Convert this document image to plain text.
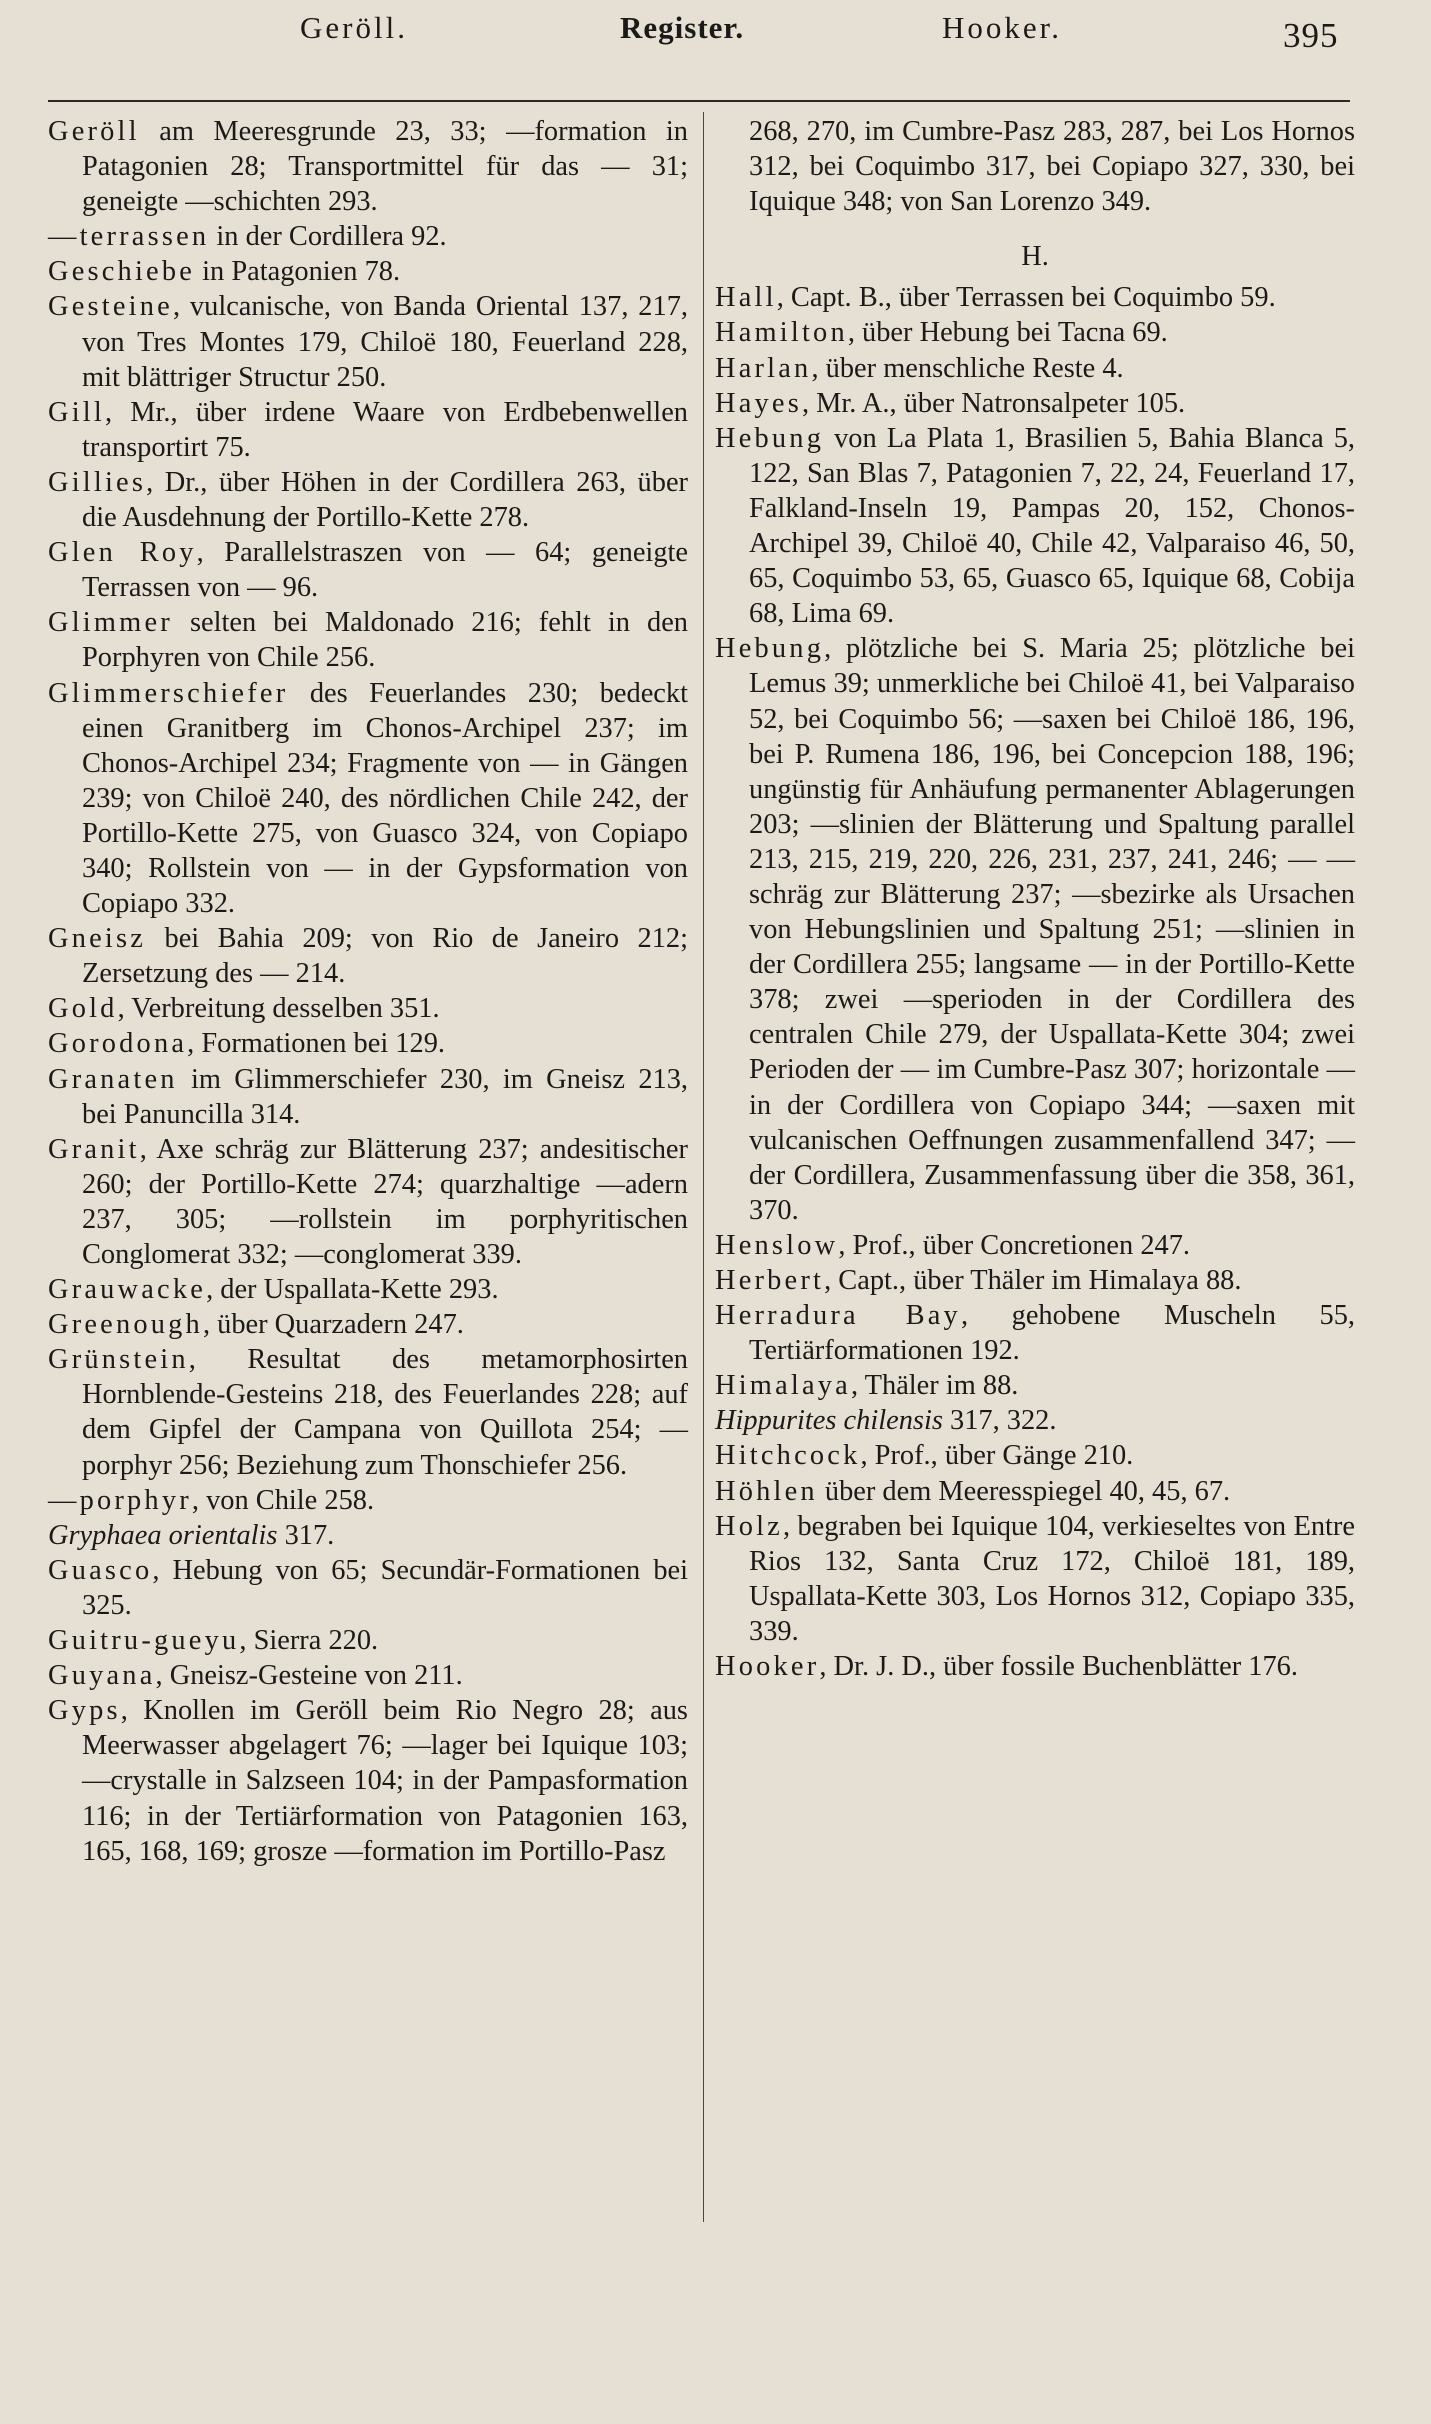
Geröll.	Register.	Hooker.	395

Geröll am Meeresgrunde 23, 33; —formation in Patagonien 28; Transportmittel für das — 31; geneigte —schichten 293.

—terrassen in der Cordillera 92.

Geschiebe in Patagonien 78.

Gesteine, vulcanische, von Banda Oriental 137, 217, von Tres Montes 179, Chiloë 180, Feuerland 228, mit blättriger Structur 250.

Gill, Mr., über irdene Waare von Erdbebenwellen transportirt 75.

Gillies, Dr., über Höhen in der Cordillera 263, über die Ausdehnung der Portillo-Kette 278.

Glen Roy, Parallelstraszen von — 64; geneigte Terrassen von — 96.

Glimmer selten bei Maldonado 216; fehlt in den Porphyren von Chile 256.

Glimmerschiefer des Feuerlandes 230; bedeckt einen Granitberg im Chonos-Archipel 237; im Chonos-Archipel 234; Fragmente von — in Gängen 239; von Chiloë 240, des nördlichen Chile 242, der Portillo-Kette 275, von Guasco 324, von Copiapo 340; Rollstein von — in der Gypsformation von Copiapo 332.

Gneisz bei Bahia 209; von Rio de Janeiro 212; Zersetzung des — 214.

Gold, Verbreitung desselben 351.

Gorodona, Formationen bei 129.

Granaten im Glimmerschiefer 230, im Gneisz 213, bei Panuncilla 314.

Granit, Axe schräg zur Blätterung 237; andesitischer 260; der Portillo-Kette 274; quarzhaltige —adern 237, 305; —rollstein im porphyritischen Conglomerat 332; —conglomerat 339.

Grauwacke, der Uspallata-Kette 293.

Greenough, über Quarzadern 247.

Grünstein, Resultat des metamorphosirten Hornblende-Gesteins 218, des Feuerlandes 228; auf dem Gipfel der Campana von Quillota 254; —porphyr 256; Beziehung zum Thonschiefer 256.

—porphyr, von Chile 258.

Gryphaea orientalis 317.

Guasco, Hebung von 65; Secundär-Formationen bei 325.

Guitru-gueyu, Sierra 220.

Guyana, Gneisz-Gesteine von 211.

Gyps, Knollen im Geröll beim Rio Negro 28; aus Meerwasser abgelagert 76; —lager bei Iquique 103; —crystalle in Salzseen 104; in der Pampasformation 116; in der Tertiärformation von Patagonien 163, 165, 168, 169; grosze —formation im Portillo-Pasz

268, 270, im Cumbre-Pasz 283, 287, bei Los Hornos 312, bei Coquimbo 317, bei Copiapo 327, 330, bei Iquique 348; von San Lorenzo 349.

H.

Hall, Capt. B., über Terrassen bei Coquimbo 59.

Hamilton, über Hebung bei Tacna 69.

Harlan, über menschliche Reste 4.

Hayes, Mr. A., über Natronsalpeter 105.

Hebung von La Plata 1, Brasilien 5, Bahia Blanca 5, 122, San Blas 7, Patagonien 7, 22, 24, Feuerland 17, Falkland-Inseln 19, Pampas 20, 152, Chonos-Archipel 39, Chiloë 40, Chile 42, Valparaiso 46, 50, 65, Coquimbo 53, 65, Guasco 65, Iquique 68, Cobija 68, Lima 69.

Hebung, plötzliche bei S. Maria 25; plötzliche bei Lemus 39; unmerkliche bei Chiloë 41, bei Valparaiso 52, bei Coquimbo 56; —saxen bei Chiloë 186, 196, bei P. Rumena 186, 196, bei Concepcion 188, 196; ungünstig für Anhäufung permanenter Ablagerungen 203; —slinien der Blätterung und Spaltung parallel 213, 215, 219, 220, 226, 231, 237, 241, 246; — — schräg zur Blätterung 237; —sbezirke als Ursachen von Hebungslinien und Spaltung 251; —slinien in der Cordillera 255; langsame — in der Portillo-Kette 378; zwei —sperioden in der Cordillera des centralen Chile 279, der Uspallata-Kette 304; zwei Perioden der — im Cumbre-Pasz 307; horizontale — in der Cordillera von Copiapo 344; —saxen mit vulcanischen Oeffnungen zusammenfallend 347; — der Cordillera, Zusammenfassung über die 358, 361, 370.

Henslow, Prof., über Concretionen 247.

Herbert, Capt., über Thäler im Himalaya 88.

Herradura Bay, gehobene Muscheln 55, Tertiärformationen 192.

Himalaya, Thäler im 88.

Hippurites chilensis 317, 322.

Hitchcock, Prof., über Gänge 210.

Höhlen über dem Meeresspiegel 40, 45, 67.

Holz, begraben bei Iquique 104, verkieseltes von Entre Rios 132, Santa Cruz 172, Chiloë 181, 189, Uspallata-Kette 303, Los Hornos 312, Copiapo 335, 339.

Hooker, Dr. J. D., über fossile Buchenblätter 176.
